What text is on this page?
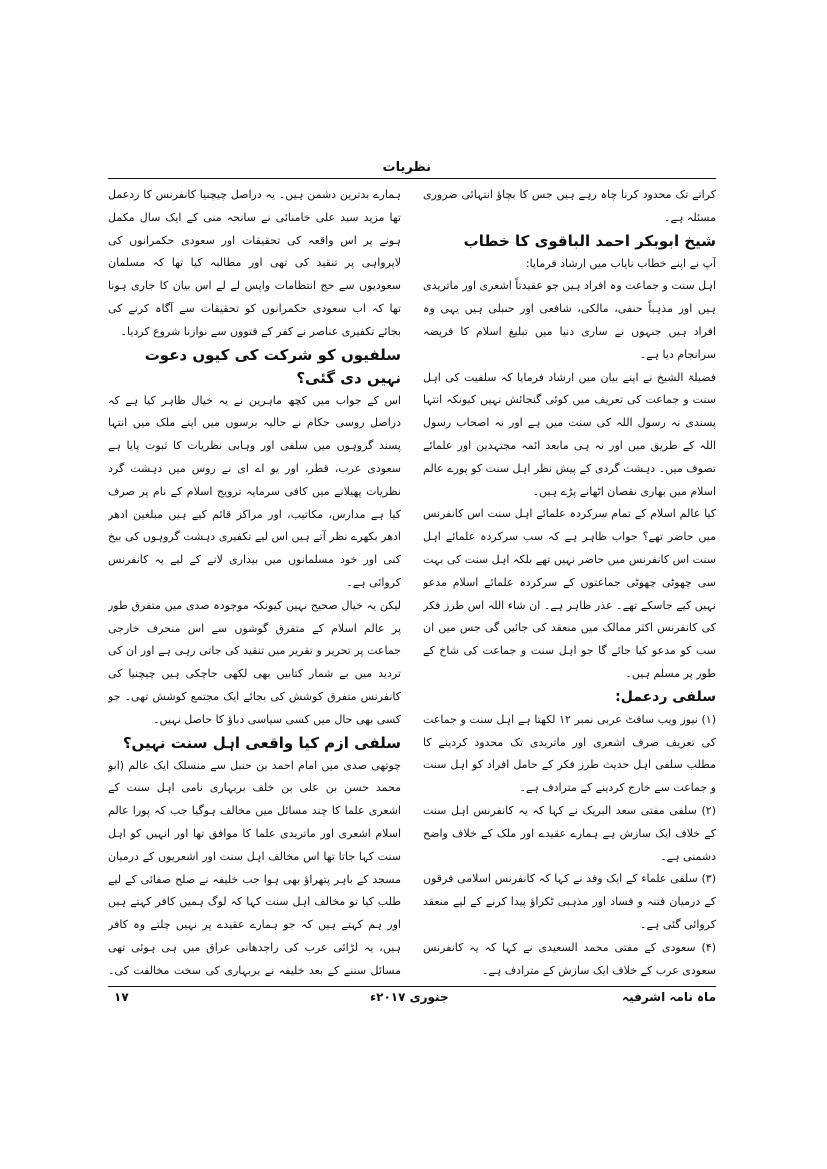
نظریات

کراتے تک محدود کرنا چاہ رہے ہیں جس کا بچاؤ انتہائی ضروری مسئلہ ہے۔

شیخ ابوبکر احمد الباقوی کا خطاب

آپ نے اپنے خطاب نایاب میں ارشاد فرمایا:

اہل سنت و جماعت وہ افراد ہیں جو عقیدتاً اشعری اور ماتریدی ہیں اور مذہباً حنفی، مالکی، شافعی اور حنبلی ہیں یہی وہ افراد ہیں جنہوں نے ساری دنیا میں تبلیغ اسلام کا فریضہ سرانجام دیا ہے۔

فضیلۃ الشیخ نے اپنے بیان میں ارشاد فرمایا کہ سلفیت کی اہل سنت و جماعت کی تعریف میں کوئی گنجائش نہیں کیونکہ انتہا پسندی نہ رسول اللہ کی سنت میں ہے اور نہ اصحاب رسول اللہ کے طریق میں اور نہ ہی مابعد ائمہ مجتہدین اور علمائے تصوف میں۔ دہشت گردی کے پیش نظر اہل سنت کو پورے عالم اسلام میں بھاری نقصان اٹھانے پڑے ہیں۔

کیا عالم اسلام کے تمام سرکردہ علمائے اہل سنت اس کانفرنس میں حاضر تھے؟ جواب ظاہر ہے کہ سب سرکردہ علمائے اہل سنت اس کانفرنس میں حاضر نہیں تھے بلکہ اہل سنت کی بہت سی چھوٹی چھوٹی جماعتوں کے سرکردہ علمائے اسلام مدعو نہیں کیے جاسکے تھے۔ عذر ظاہر ہے۔ ان شاء اللہ اس طرز فکر کی کانفرنس اکثر ممالک میں منعقد کی جائیں گی جس میں ان سب کو مدعو کیا جائے گا جو اہل سنت و جماعت کی شاخ کے طور پر مسلم ہیں۔

سلفی ردعمل:

(۱) نیوز ویب سافٹ عربی نمبر ۱۲ لکھتا ہے اہل سنت و جماعت کی تعریف صرف اشعری اور ماتریدی تک محدود کردینے کا مطلب سلفی اہل حدیث طرز فکر کے حامل افراد کو اہل سنت و جماعت سے خارج کردینے کے مترادف ہے۔

(۲) سلفی مفتی سعد البریک نے کہا کہ یہ کانفرنس اہل سنت کے خلاف ایک سازش ہے ہمارے عقیدے اور ملک کے خلاف واضح دشمنی ہے۔

(۳) سلفی علماء کے ایک وفد نے کہا کہ کانفرنس اسلامی فرقوں کے درمیان فتنہ و فساد اور مذہبی ٹکراؤ پیدا کرنے کے لیے منعقد کروائی گئی ہے۔

(۴) سعودی کے مفتی محمد السعیدی نے کہا کہ یہ کانفرنس سعودی عرب کے خلاف ایک سازش کے مترادف ہے۔

ہمارے بدترین دشمن ہیں۔ یہ دراصل چیچنیا کانفرنس کا ردعمل تھا مزید سید علی خامنائی نے سانحہ منی کے ایک سال مکمل ہونے پر اس واقعہ کی تحقیقات اور سعودی حکمرانوں کی لاپرواہی پر تنقید کی تھی اور مطالبہ کیا تھا کہ مسلمان سعودیوں سے حج انتظامات واپس لے لے اس بیان کا جاری ہونا تھا کہ اب سعودی حکمرانوں کو تحقیقات سے آگاہ کرنے کی بجائے تکفیری عناصر نے کفر کے فتووں سے نوازنا شروع کردیا۔

سلفیوں کو شرکت کی کیوں دعوت نہیں دی گئی؟

اس کے جواب میں کچھ ماہرین نے یہ خیال ظاہر کیا ہے کہ دراصل روسی حکام نے حالیہ برسوں میں اپنے ملک میں انتہا پسند گروہوں میں سلفی اور وہابی نظریات کا ثبوت پایا ہے سعودی عرب، قطر، اور یو اے ای نے روس میں دہشت گرد نظریات پھیلانے میں کافی سرمایہ ترویج اسلام کے نام پر صرف کیا ہے مدارس، مکاتیب، اور مراکز قائم کیے ہیں مبلغین ادھر ادھر بکھرے نظر آتے ہیں اس لیے تکفیری دہشت گروہوں کی بیخ کنی اور خود مسلمانوں میں بیداری لانے کے لیے یہ کانفرنس کروائی ہے۔

لیکن یہ خیال صحیح نہیں کیونکہ موجودہ صدی میں متفرق طور پر عالم اسلام کے متفرق گوشوں سے اس منحرف خارجی جماعت پر تحریر و تقریر میں تنقید کی جاتی رہی ہے اور ان کی تردید میں بے شمار کتابیں بھی لکھی جاچکی ہیں چیچنیا کی کانفرنس متفرق کوشش کی بجائے ایک مجتمع کوشش تھی۔ جو کسی بھی حال میں کسی سیاسی دباؤ کا حاصل نہیں۔

سلفی ازم کیا واقعی اہل سنت نہیں؟

چوتھی صدی میں امام احمد بن حنبل سے منسلک ایک عالم (ابو محمد حسن بن علی بن خلف بربہاری نامی اہل سنت کے اشعری علما کا چند مسائل میں مخالف ہوگیا جب کہ پورا عالم اسلام اشعری اور ماتریدی علما کا موافق تھا اور انہیں کو اہل سنت کہا جاتا تھا اس مخالف اہل سنت اور اشعریوں کے درمیان مسجد کے باہر پتھراؤ بھی ہوا جب خلیفہ نے صلح صفائی کے لیے طلب کیا تو مخالف اہل سنت کہا کہ لوگ ہمیں کافر کہتے ہیں اور ہم کہتے ہیں کہ جو ہمارے عقیدے پر نہیں چلتے وہ کافر ہیں، یہ لڑائی عرب کی راجدھانی عراق میں ہی ہوئی تھی مسائل سننے کے بعد خلیفہ نے بربہاری کی سخت مخالفت کی۔

ماہ نامہ اشرفیہ
جنوری ۲۰۱۷ء
۱۷
